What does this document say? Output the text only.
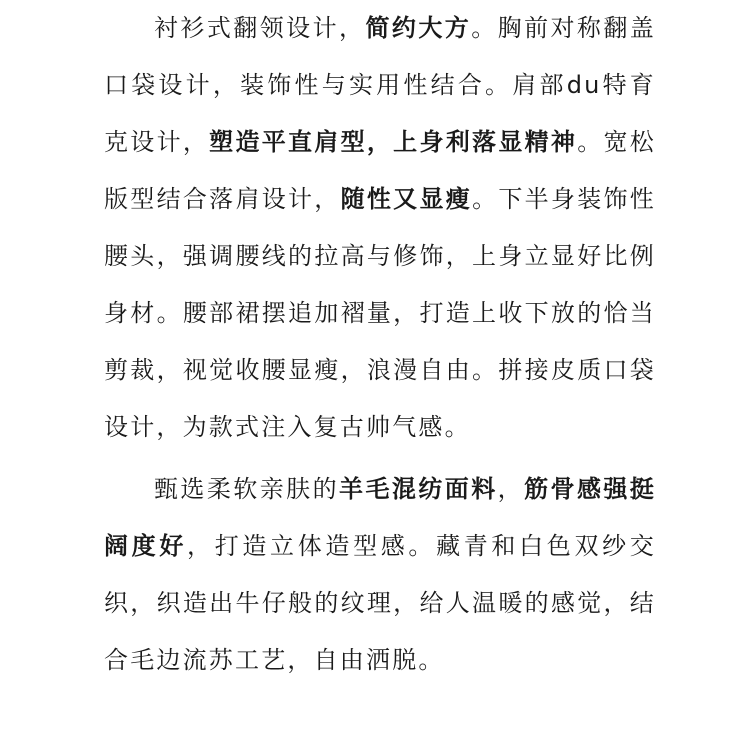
衬衫式翻领设计，简约大方。胸前对称翻盖口袋设计，装饰性与实用性结合。肩部du特育克设计，塑造平直肩型，上身利落显精神。宽松版型结合落肩设计，随性又显瘦。下半身装饰性腰头，强调腰线的拉高与修饰，上身立显好比例身材。腰部裙摆追加褶量，打造上收下放的恰当剪裁，视觉收腰显瘦，浪漫自由。拼接皮质口袋设计，为款式注入复古帅气感。

甄选柔软亲肤的羊毛混纺面料，筋骨感强挺阔度好，打造立体造型感。藏青和白色双纱交织，织造出牛仔般的纹理，给人温暖的感觉，结合毛边流苏工艺，自由洒脱。
